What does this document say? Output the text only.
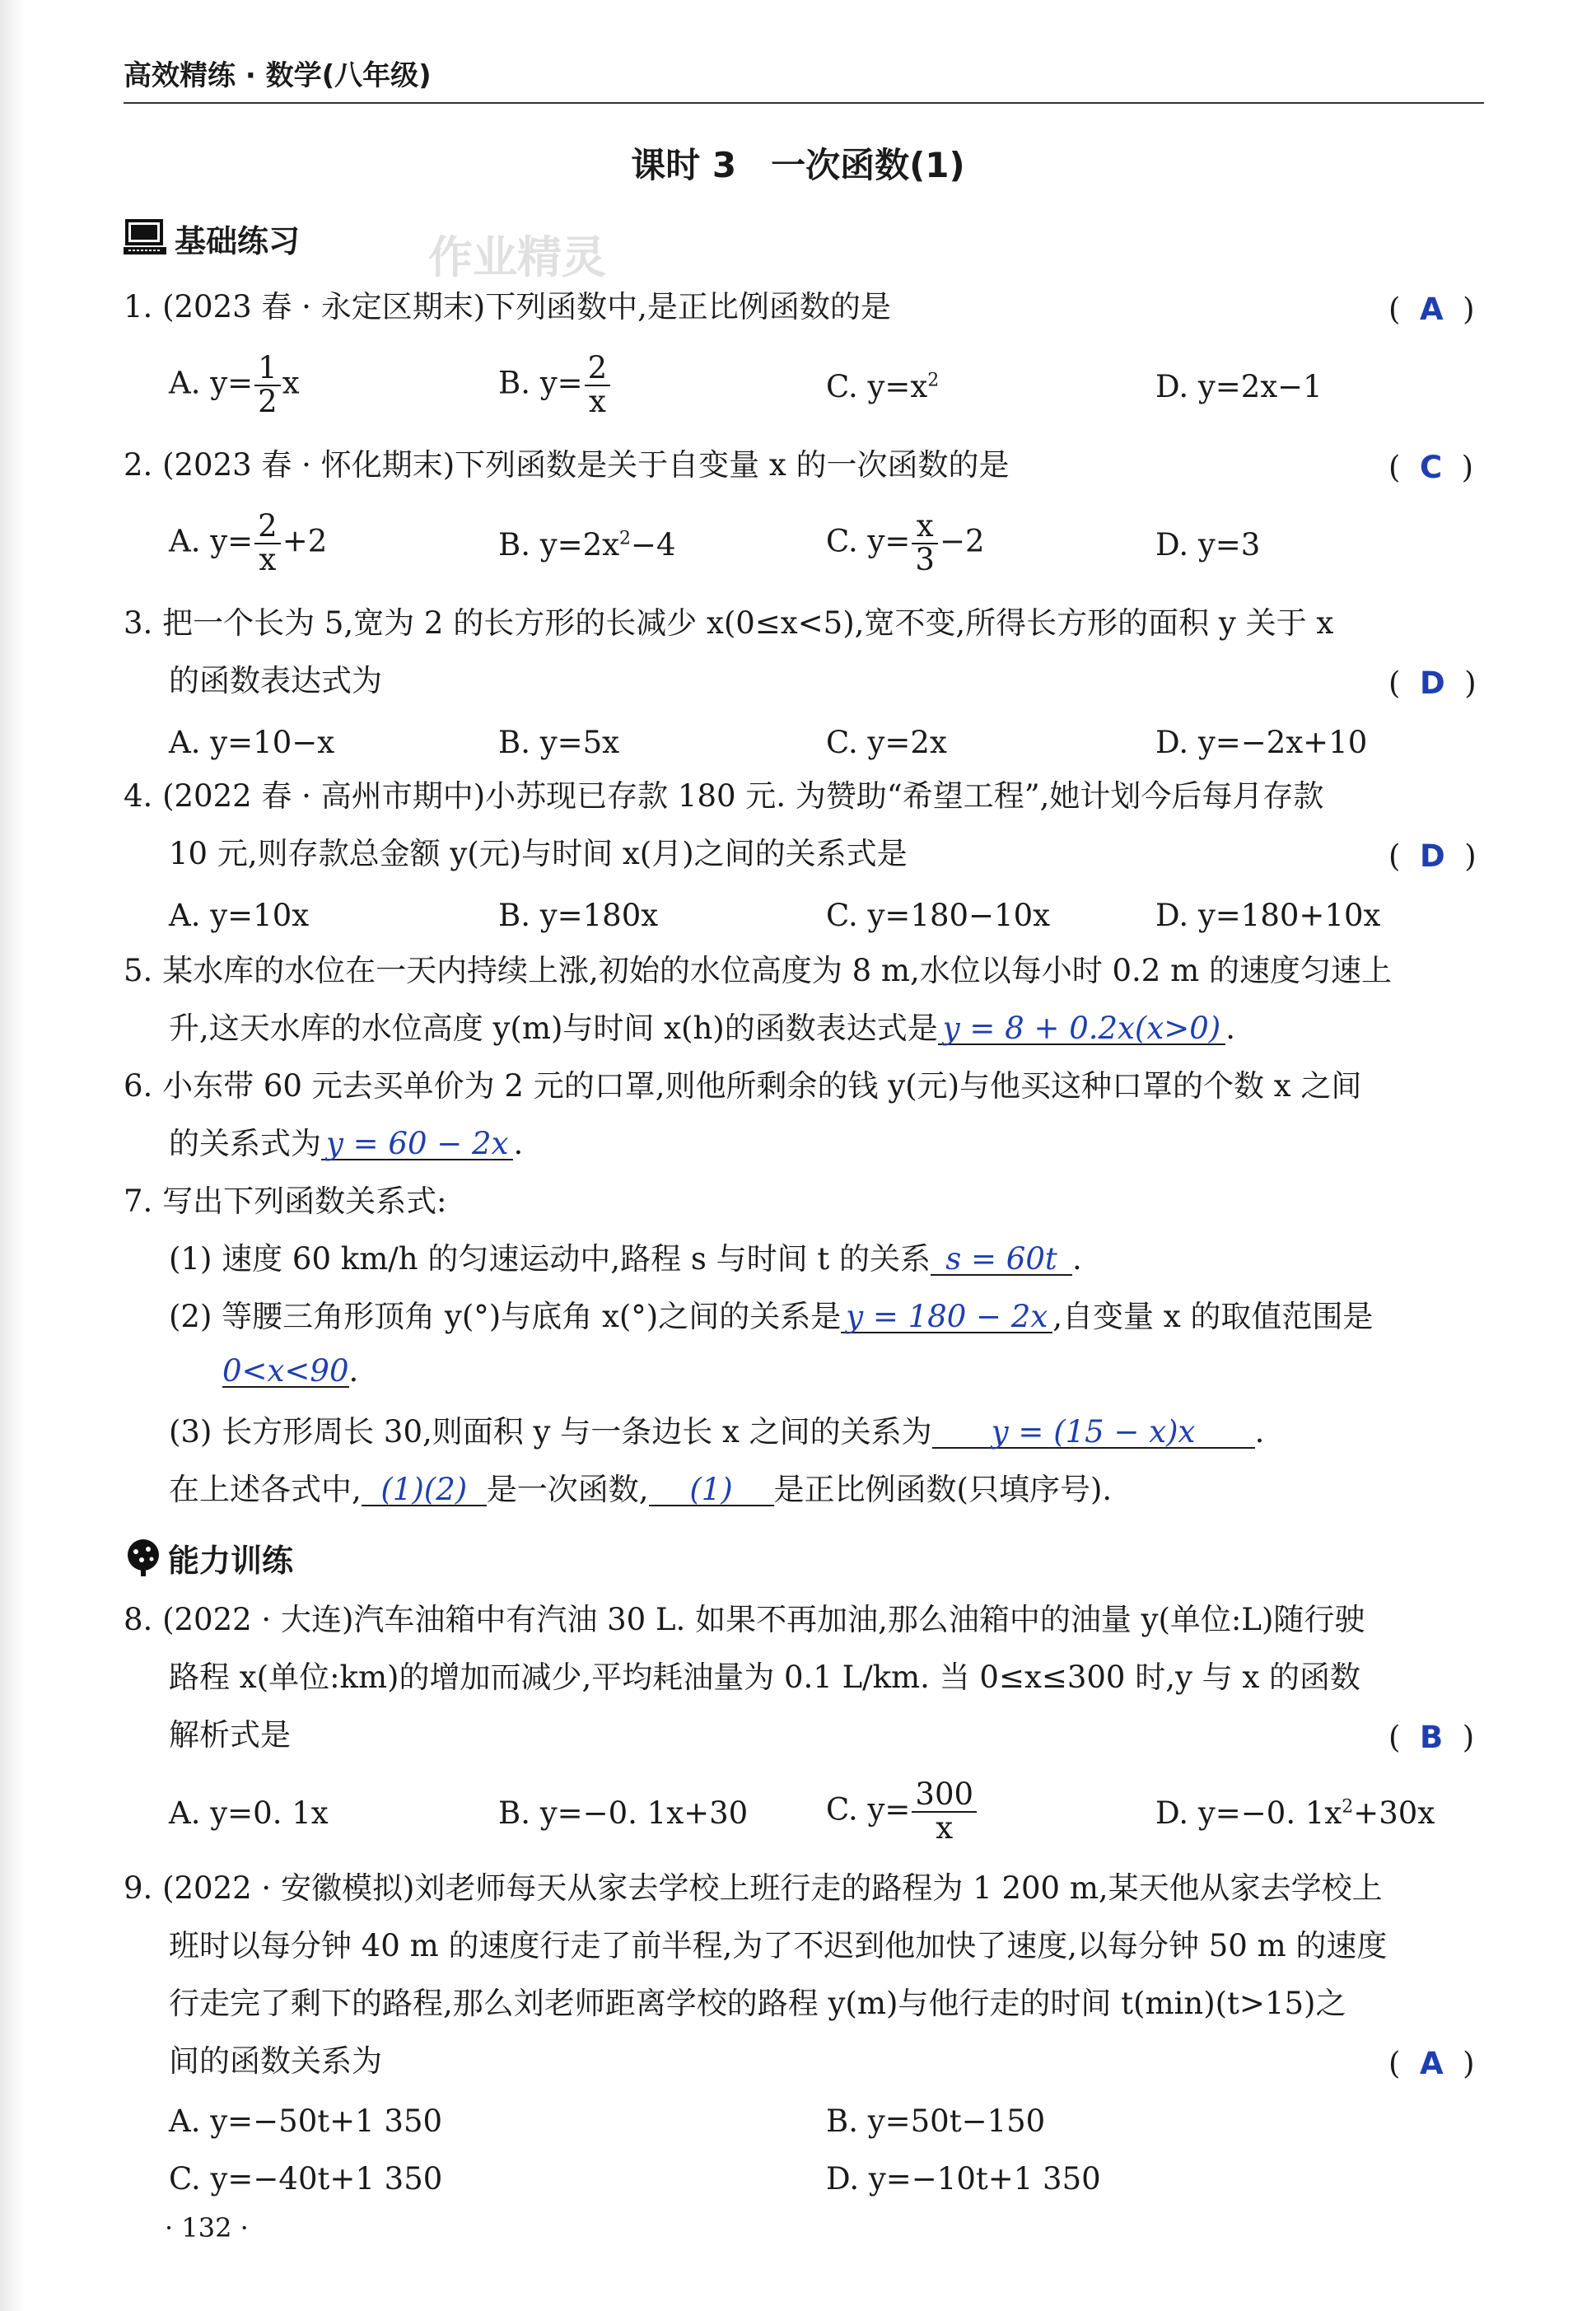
高效精练 · 数学(八年级)
课时 3　一次函数(1)
基础练习	作业精灵
1. (2023 春 · 永定区期末)下列函数中,是正比例函数的是	(  A  )
A. $y= \frac{1}{2}$ x	B. $y= \frac{2}{x}$	C. $y=x^2$	D. y=2x−1
2. (2023 春 · 怀化期末)下列函数是关于自变量 x 的一次函数的是	(  C  )
A. $y= \frac{2}{x} +2$	B. $y=2x^2-4$	C. $y= \frac{x}{3} -2$	D. y=3
3. 把一个长为 5,宽为 2 的长方形的长减少 x(0≤x<5),宽不变,所得长方形的面积 y 关于 x
的函数表达式为	(  D  )
A. y=10−x	B. y=5x	C. y=2x	D. y=−2x+10
4. (2022 春 · 高州市期中)小苏现已存款 180 元. 为赞助“希望工程”,她计划今后每月存款
10 元,则存款总金额 y(元)与时间 x(月)之间的关系式是	(  D  )
A. y=10x	B. y=180x	C. y=180−10x	D. y=180+10x
5. 某水库的水位在一天内持续上涨,初始的水位高度为 8 m,水位以每小时 0.2 m 的速度匀速上
升,这天水库的水位高度 y(m)与时间 x(h)的函数表达式是 y = 8 + 0.2x(x>0) .
6. 小东带 60 元去买单价为 2 元的口罩,则他所剩余的钱 y(元)与他买这种口罩的个数 x 之间
的关系式为 y = 60 − 2x .
7. 写出下列函数关系式:
(1) 速度 60 km/h 的匀速运动中,路程 s 与时间 t 的关系 s = 60t .
(2) 等腰三角形顶角 y(°)与底角 x(°)之间的关系是 y = 180 − 2x ,自变量 x 的取值范围是
0<x<90.
(3) 长方形周长 30,则面积 y 与一条边长 x 之间的关系为 y = (15 − x)x .
在上述各式中, (1)(2) 是一次函数, (1) 是正比例函数(只填序号).
能力训练
8. (2022 · 大连)汽车油箱中有汽油 30 L. 如果不再加油,那么油箱中的油量 y(单位:L)随行驶
路程 x(单位:km)的增加而减少,平均耗油量为 0.1 L/km. 当 0≤x≤300 时,y 与 x 的函数
解析式是	(  B  )
A. y=0. 1x	B. y=−0. 1x+30	C. $y= \frac{300}{x}$	D. y=−0. $1x^2+30x$
9. (2022 · 安徽模拟)刘老师每天从家去学校上班行走的路程为 1 200 m,某天他从家去学校上
班时以每分钟 40 m 的速度行走了前半程,为了不迟到他加快了速度,以每分钟 50 m 的速度
行走完了剩下的路程,那么刘老师距离学校的路程 y(m)与他行走的时间 t(min)(t>15)之
间的函数关系为	(  A  )
A. y=−50t+1 350	B. y=50t−150
C. y=−40t+1 350	D. y=−10t+1 350
· 132 ·
